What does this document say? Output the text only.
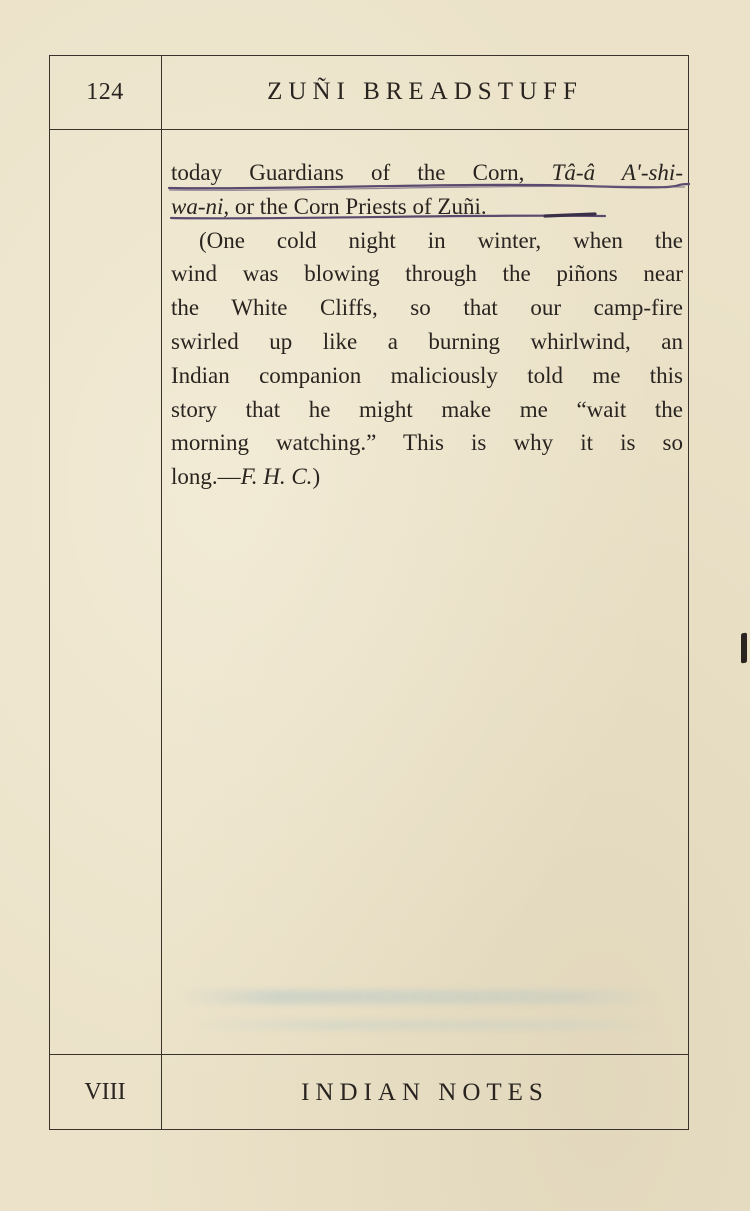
124	ZUÑI BREADSTUFF

today Guardians of the Corn, Tâ-â A'-shi-
wa-ni, or the Corn Priests of Zuñi.

(One cold night in winter, when the
wind was blowing through the piñons near
the White Cliffs, so that our camp-fire
swirled up like a burning whirlwind, an
Indian companion maliciously told me this
story that he might make me “wait the
morning watching.” This is why it is so
long.—F. H. C.)

VIII	INDIAN NOTES
